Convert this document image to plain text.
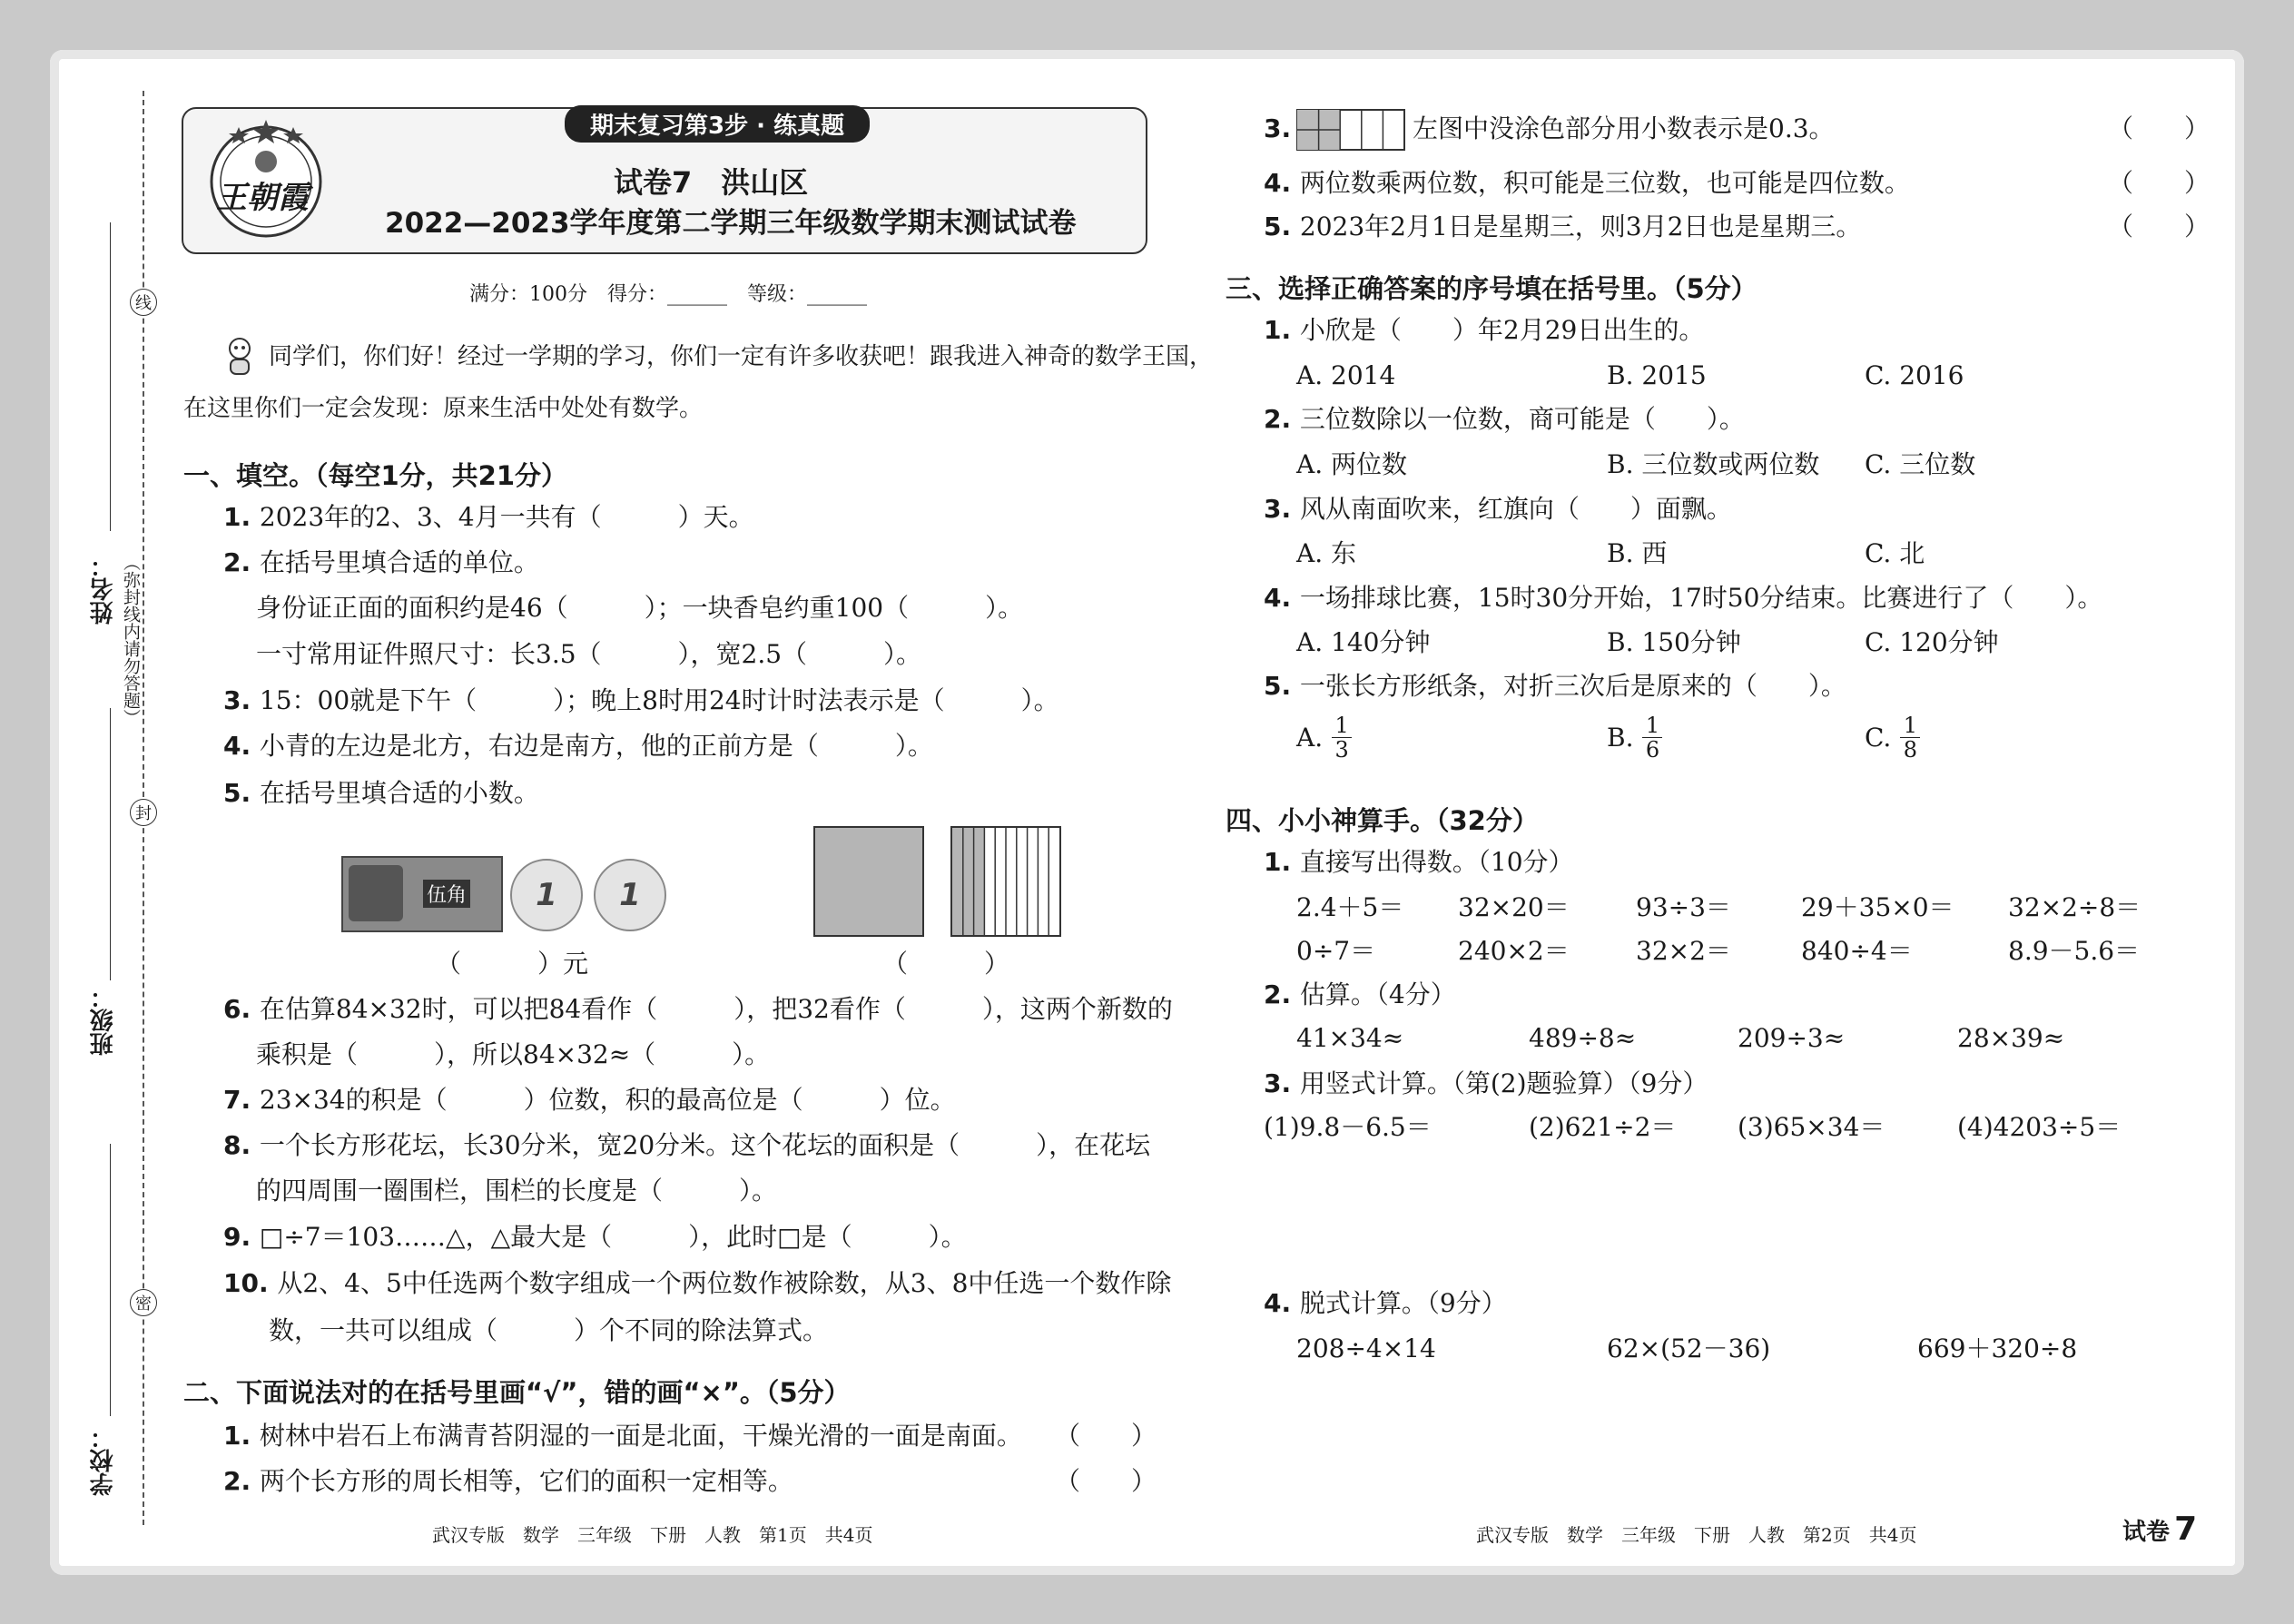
线
（弥封线内请勿答题）
封
密
姓名：
班级：
学校：
期末复习第3步 · 练真题
王朝霞	试卷7　洪山区
2022—2023学年度第二学期三年级数学期末测试试卷
满分：100分　得分：______　等级：______
同学们，你们好！经过一学期的学习，你们一定有许多收获吧！跟我进入神奇的数学王国，
在这里你们一定会发现：原来生活中处处有数学。
一、填空。（每空1分，共21分）
1. 2023年的2、3、4月一共有（　　　）天。
2. 在括号里填合适的单位。
身份证正面的面积约是46（　　　）；一块香皂约重100（　　　）。
一寸常用证件照尺寸：长3.5（　　　），宽2.5（　　　）。
3. 15：00就是下午（　　　）；晚上8时用24时计时法表示是（　　　）。
4. 小青的左边是北方，右边是南方，他的正前方是（　　　）。
5. 在括号里填合适的小数。
伍角 1 1
（　　　）元	（　　　）
6. 在估算84×32时，可以把84看作（　　　），把32看作（　　　），这两个新数的
乘积是（　　　），所以84×32≈（　　　）。
7. 23×34的积是（　　　）位数，积的最高位是（　　　）位。
8. 一个长方形花坛，长30分米，宽20分米。这个花坛的面积是（　　　），在花坛
的四周围一圈围栏，围栏的长度是（　　　）。
9. □÷7＝103……△，△最大是（　　　），此时□是（　　　）。
10. 从2、4、5中任选两个数字组成一个两位数作被除数，从3、8中任选一个数作除
数，一共可以组成（　　　）个不同的除法算式。
二、下面说法对的在括号里画“√”，错的画“×”。（5分）
1. 树林中岩石上布满青苔阴湿的一面是北面，干燥光滑的一面是南面。 （　　）
2. 两个长方形的周长相等，它们的面积一定相等。	（　　）
3.	左图中没涂色部分用小数表示是0.3。	（　　）
4. 两位数乘两位数，积可能是三位数，也可能是四位数。	（　　）
5. 2023年2月1日是星期三，则3月2日也是星期三。	（　　）
三、选择正确答案的序号填在括号里。（5分）
1. 小欣是（　　）年2月29日出生的。
A. 2014	B. 2015	C. 2016
2. 三位数除以一位数，商可能是（　　）。
A. 两位数	B. 三位数或两位数 C. 三位数
3. 风从南面吹来，红旗向（　　）面飘。
A. 东	B. 西	C. 北
4. 一场排球比赛，15时30分开始，17时50分结束。比赛进行了（　　）。
A. 140分钟	B. 150分钟	C. 120分钟
5. 一张长方形纸条，对折三次后是原来的（　　）。
A. $\frac{1}{3}$	B. $\frac{1}{6}$	C. $\frac{1}{8}$
四、小小神算手。（32分）
1. 直接写出得数。（10分）
2.4＋5＝ 32×20＝	93÷3＝	29＋35×0＝ 32×2÷8＝
0÷7＝	240×2＝	32×2＝	840÷4＝	8.9－5.6＝
2. 估算。（4分）
41×34≈	489÷8≈	209÷3≈	28×39≈
3. 用竖式计算。（第(2)题验算）（9分）
(1)9.8－6.5＝	(2)621÷2＝ (3)65×34＝	(4)4203÷5＝
4. 脱式计算。（9分）
208÷4×14	62×(52－36)	669＋320÷8
武汉专版　数学　三年级　下册　人教　第1页　共4页	武汉专版　数学　三年级　下册　人教　第2页　共4页	试卷 7
